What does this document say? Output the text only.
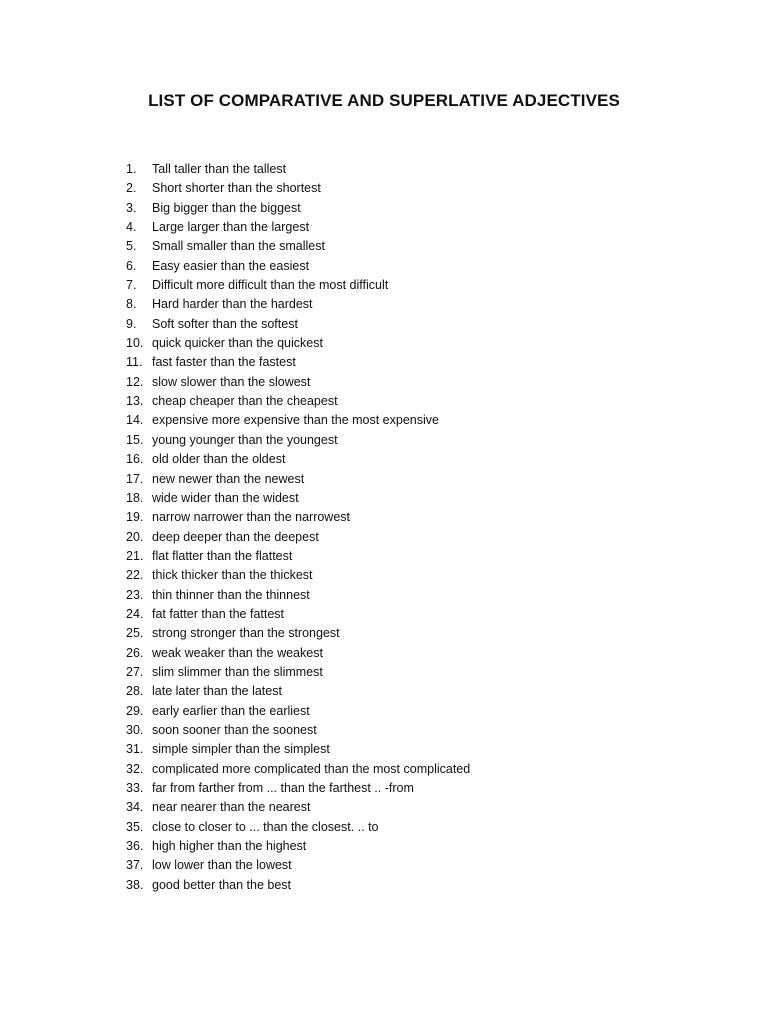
LIST OF COMPARATIVE AND SUPERLATIVE ADJECTIVES
1. Tall taller than the tallest
2. Short shorter than the shortest
3. Big bigger than the biggest
4. Large larger than the largest
5. Small smaller than the smallest
6. Easy easier than the easiest
7. Difficult more difficult than the most difficult
8. Hard harder than the hardest
9. Soft softer than the softest
10. quick quicker than the quickest
11. fast faster than the fastest
12. slow slower than the slowest
13. cheap cheaper than the cheapest
14. expensive more expensive than the most expensive
15. young younger than the youngest
16. old older than the oldest
17. new newer than the newest
18. wide wider than the widest
19. narrow narrower than the narrowest
20. deep deeper than the deepest
21. flat flatter than the flattest
22. thick thicker than the thickest
23. thin thinner than the thinnest
24. fat fatter than the fattest
25. strong stronger than the strongest
26. weak weaker than the weakest
27. slim slimmer than the slimmest
28. late later than the latest
29. early earlier than the earliest
30. soon sooner than the soonest
31. simple simpler than the simplest
32. complicated more complicated than the most complicated
33. far from farther from ... than the farthest .. -from
34. near nearer than the nearest
35. close to closer to ... than the closest. .. to
36. high higher than the highest
37. low lower than the lowest
38. good better than the best
